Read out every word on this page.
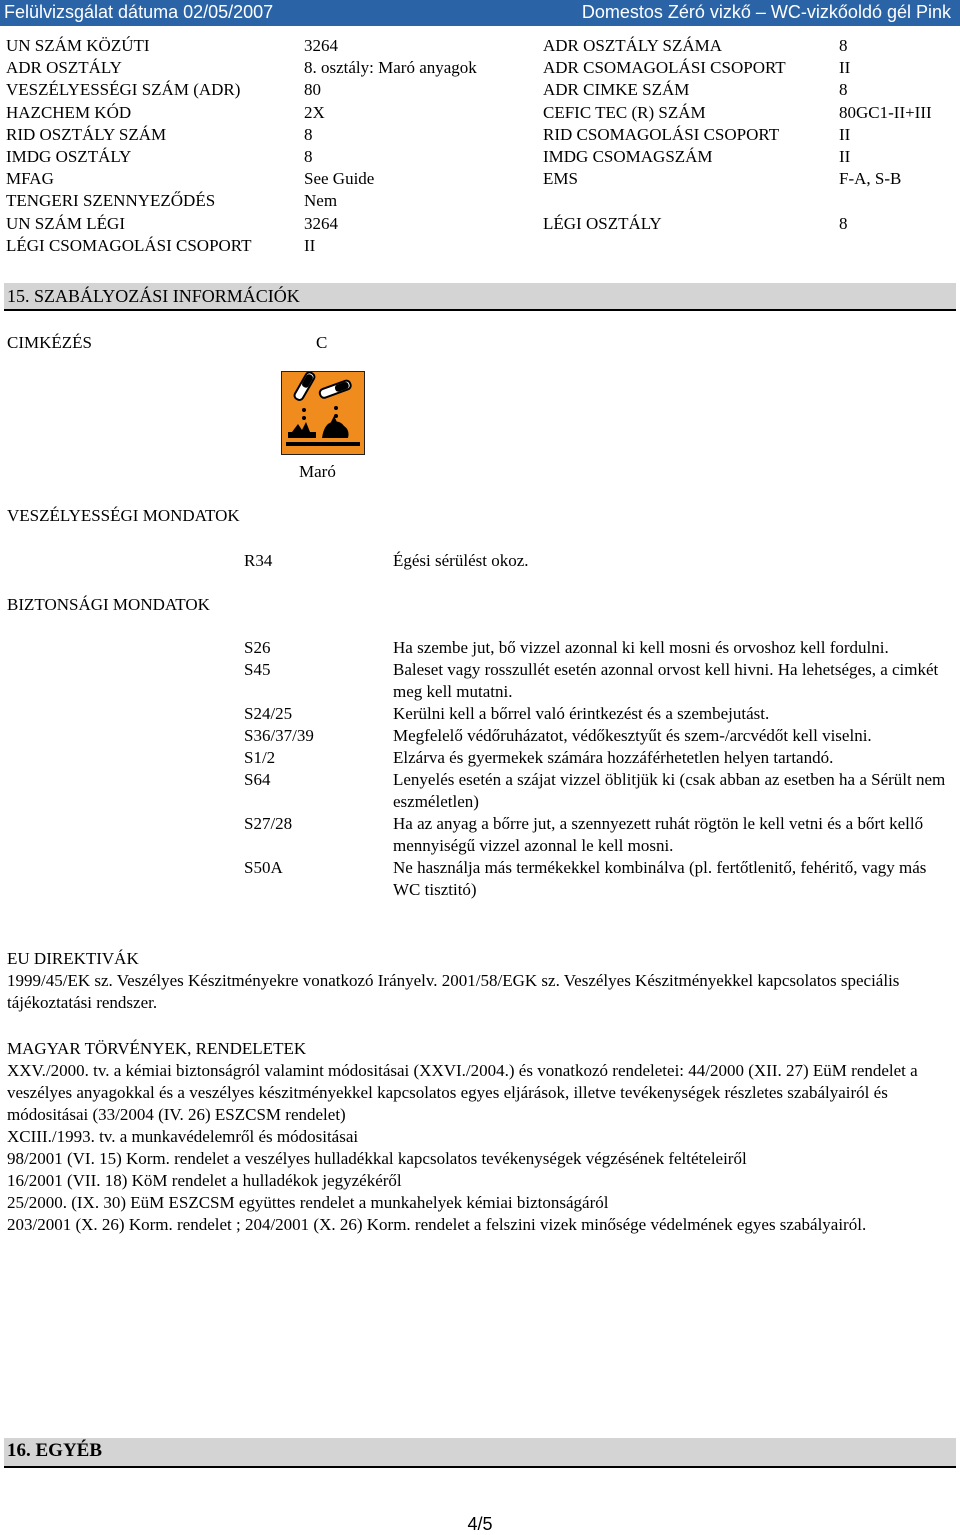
Felülvizsgálat dátuma 02/05/2007	Domestos Zéró vizkő – WC-vizkőoldó gél Pink
UN SZÁM KÖZÚTI	3264	ADR OSZTÁLY SZÁMA	8
ADR OSZTÁLY	8. osztály: Maró anyagok	ADR CSOMAGOLÁSI CSOPORT	II
VESZÉLYESSÉGI SZÁM (ADR)	80	ADR CIMKE SZÁM	8
HAZCHEM KÓD	2X	CEFIC TEC (R) SZÁM	80GC1-II+III
RID OSZTÁLY SZÁM	8	RID CSOMAGOLÁSI CSOPORT	II
IMDG OSZTÁLY	8	IMDG CSOMAGSZÁM	II
MFAG	See Guide	EMS	F-A, S-B
TENGERI SZENNYEZŐDÉS	Nem
UN SZÁM LÉGI	3264	LÉGI OSZTÁLY	8
LÉGI CSOMAGOLÁSI CSOPORT	II
15. SZABÁLYOZÁSI INFORMÁCIÓK
CIMKÉZÉS	C
Maró
VESZÉLYESSÉGI MONDATOK
R34	Égési sérülést okoz.
BIZTONSÁGI MONDATOK
S26	Ha szembe jut, bő vizzel azonnal ki kell mosni és orvoshoz kell fordulni.
S45	Baleset vagy rosszullét esetén azonnal orvost kell hivni. Ha lehetséges, a cimkét meg kell mutatni.
S24/25	Kerülni kell a bőrrel való érintkezést és a szembejutást.
S36/37/39	Megfelelő védőruházatot, védőkesztyűt és szem-/arcvédőt kell viselni.
S1/2	Elzárva és gyermekek számára hozzáférhetetlen helyen tartandó.
S64	Lenyelés esetén a szájat vizzel öblitjük ki (csak abban az esetben ha a Sérült nem eszméletlen)
S27/28	Ha az anyag a bőrre jut, a szennyezett ruhát rögtön le kell vetni és a bőrt kellő mennyiségű vizzel azonnal le kell mosni.
S50A	Ne használja más termékekkel kombinálva (pl. fertőtlenitő, fehéritő, vagy más WC tisztitó)
EU DIREKTIVÁK
1999/45/EK sz. Veszélyes Készitményekre vonatkozó Irányelv. 2001/58/EGK sz. Veszélyes Készitményekkel kapcsolatos speciális tájékoztatási rendszer.
MAGYAR TÖRVÉNYEK, RENDELETEK
XXV./2000. tv. a kémiai biztonságról valamint módositásai (XXVI./2004.) és vonatkozó rendeletei: 44/2000 (XII. 27) EüM rendelet a veszélyes anyagokkal és a veszélyes készitményekkel kapcsolatos egyes eljárások, illetve tevékenységek részletes szabályairól és módositásai (33/2004 (IV. 26) ESZCSM rendelet)
XCIII./1993. tv. a munkavédelemről és módositásai
98/2001 (VI. 15) Korm. rendelet a veszélyes hulladékkal kapcsolatos tevékenységek végzésének feltételeiről
16/2001 (VII. 18) KöM rendelet a hulladékok jegyzékéről
25/2000. (IX. 30) EüM ESZCSM együttes rendelet a munkahelyek kémiai biztonságáról
203/2001 (X. 26) Korm. rendelet ; 204/2001 (X. 26) Korm. rendelet a felszini vizek minősége védelmének egyes szabályairól.
16. EGYÉB
4/5
